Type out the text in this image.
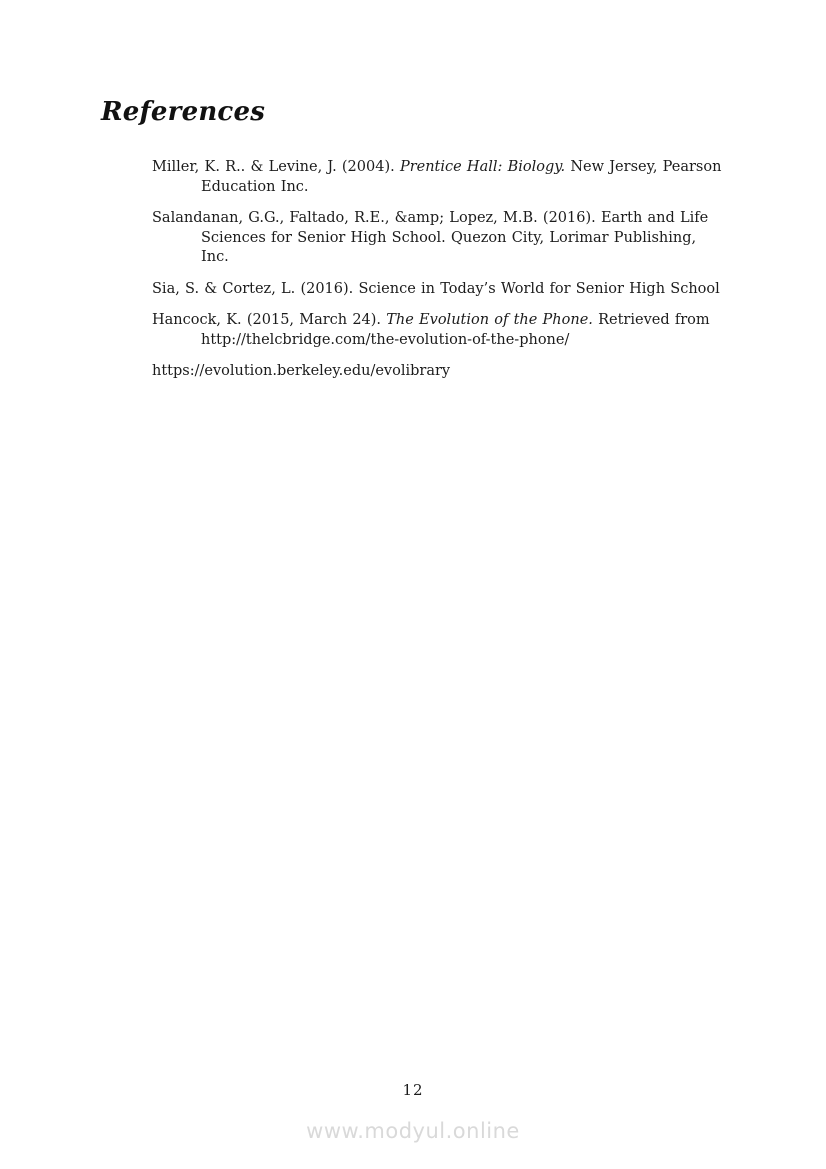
References
Miller, K. R.. & Levine, J. (2004). Prentice Hall: Biology. New Jersey, Pearson
Education Inc.
Salandanan, G.G., Faltado, R.E., &amp; Lopez, M.B. (2016). Earth and Life
Sciences for Senior High School. Quezon City, Lorimar Publishing,
Inc.
Sia, S. & Cortez, L. (2016). Science in Today’s World for Senior High School
Hancock, K. (2015, March 24). The Evolution of the Phone. Retrieved from
http://thelcbridge.com/the-evolution-of-the-phone/
https://evolution.berkeley.edu/evolibrary
12
www.modyul.online
